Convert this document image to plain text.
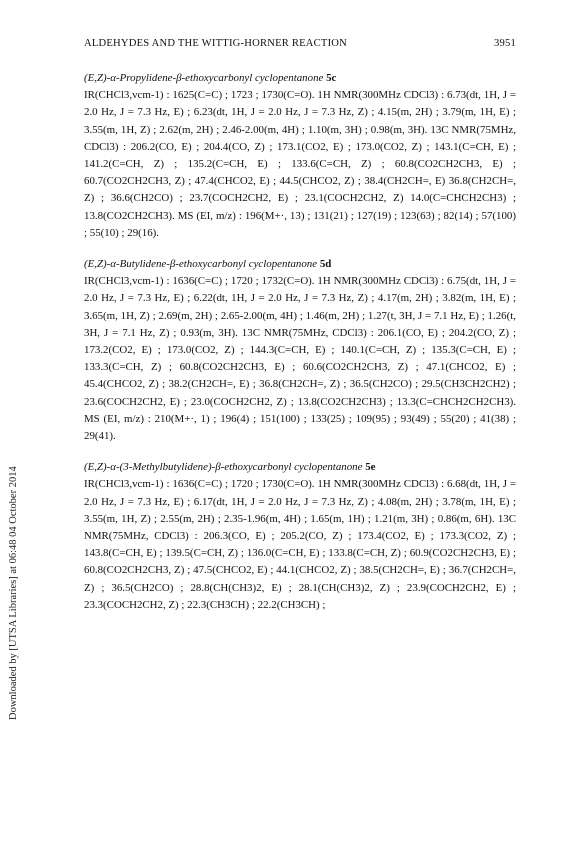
Downloaded by [UTSA Libraries] at 06:48 04 October 2014
ALDEHYDES AND THE WITTIG-HORNER REACTION	3951

(E,Z)-α-Propylidene-β-ethoxycarbonyl cyclopentanone 5c

IR(CHCl3,vcm-1) : 1625(C=C) ; 1723 ; 1730(C=O). 1H NMR(300MHz CDCl3) : 6.73(dt, 1H, J = 2.0 Hz, J = 7.3 Hz, E) ; 6.23(dt, 1H, J = 2.0 Hz, J = 7.3 Hz, Z) ; 4.15(m, 2H) ; 3.79(m, 1H, E) ; 3.55(m, 1H, Z) ; 2.62(m, 2H) ; 2.46-2.00(m, 4H) ; 1.10(m, 3H) ; 0.98(m, 3H). 13C NMR(75MHz, CDCl3) : 206.2(CO, E) ; 204.4(CO, Z) ; 173.1(CO2, E) ; 173.0(CO2, Z) ; 143.1(C=CH, E) ; 141.2(C=CH, Z) ; 135.2(C=CH, E) ; 133.6(C=CH, Z) ; 60.8(CO2CH2CH3, E) ; 60.7(CO2CH2CH3, Z) ; 47.4(CHCO2, E) ; 44.5(CHCO2, Z) ; 38.4(CH2CH=, E) 36.8(CH2CH=, Z) ; 36.6(CH2CO) ; 23.7(COCH2CH2, E) ; 23.1(COCH2CH2, Z) 14.0(C=CHCH2CH3) ; 13.8(CO2CH2CH3). MS (EI, m/z) : 196(M+·, 13) ; 131(21) ; 127(19) ; 123(63) ; 82(14) ; 57(100) ; 55(10) ; 29(16).

(E,Z)-α-Butylidene-β-ethoxycarbonyl cyclopentanone 5d

IR(CHCl3,vcm-1) : 1636(C=C) ; 1720 ; 1732(C=O). 1H NMR(300MHz CDCl3) : 6.75(dt, 1H, J = 2.0 Hz, J = 7.3 Hz, E) ; 6.22(dt, 1H, J = 2.0 Hz, J = 7.3 Hz, Z) ; 4.17(m, 2H) ; 3.82(m, 1H, E) ; 3.65(m, 1H, Z) ; 2.69(m, 2H) ; 2.65-2.00(m, 4H) ; 1.46(m, 2H) ; 1.27(t, 3H, J = 7.1 Hz, E) ; 1.26(t, 3H, J = 7.1 Hz, Z) ; 0.93(m, 3H). 13C NMR(75MHz, CDCl3) : 206.1(CO, E) ; 204.2(CO, Z) ; 173.2(CO2, E) ; 173.0(CO2, Z) ; 144.3(C=CH, E) ; 140.1(C=CH, Z) ; 135.3(C=CH, E) ; 133.3(C=CH, Z) ; 60.8(CO2CH2CH3, E) ; 60.6(CO2CH2CH3, Z) ; 47.1(CHCO2, E) ; 45.4(CHCO2, Z) ; 38.2(CH2CH=, E) ; 36.8(CH2CH=, Z) ; 36.5(CH2CO) ; 29.5(CH3CH2CH2) ; 23.6(COCH2CH2, E) ; 23.0(COCH2CH2, Z) ; 13.8(CO2CH2CH3) ; 13.3(C=CHCH2CH2CH3). MS (EI, m/z) : 210(M+·, 1) ; 196(4) ; 151(100) ; 133(25) ; 109(95) ; 93(49) ; 55(20) ; 41(38) ; 29(41).

(E,Z)-α-(3-Methylbutylidene)-β-ethoxycarbonyl cyclopentanone 5e

IR(CHCl3,vcm-1) : 1636(C=C) ; 1720 ; 1730(C=O). 1H NMR(300MHz CDCl3) : 6.68(dt, 1H, J = 2.0 Hz, J = 7.3 Hz, E) ; 6.17(dt, 1H, J = 2.0 Hz, J = 7.3 Hz, Z) ; 4.08(m, 2H) ; 3.78(m, 1H, E) ; 3.55(m, 1H, Z) ; 2.55(m, 2H) ; 2.35-1.96(m, 4H) ; 1.65(m, 1H) ; 1.21(m, 3H) ; 0.86(m, 6H). 13C NMR(75MHz, CDCl3) : 206.3(CO, E) ; 205.2(CO, Z) ; 173.4(CO2, E) ; 173.3(CO2, Z) ; 143.8(C=CH, E) ; 139.5(C=CH, Z) ; 136.0(C=CH, E) ; 133.8(C=CH, Z) ; 60.9(CO2CH2CH3, E) ; 60.8(CO2CH2CH3, Z) ; 47.5(CHCO2, E) ; 44.1(CHCO2, Z) ; 38.5(CH2CH=, E) ; 36.7(CH2CH=, Z) ; 36.5(CH2CO) ; 28.8(CH(CH3)2, E) ; 28.1(CH(CH3)2, Z) ; 23.9(COCH2CH2, E) ; 23.3(COCH2CH2, Z) ; 22.3(CH3CH) ; 22.2(CH3CH) ;
